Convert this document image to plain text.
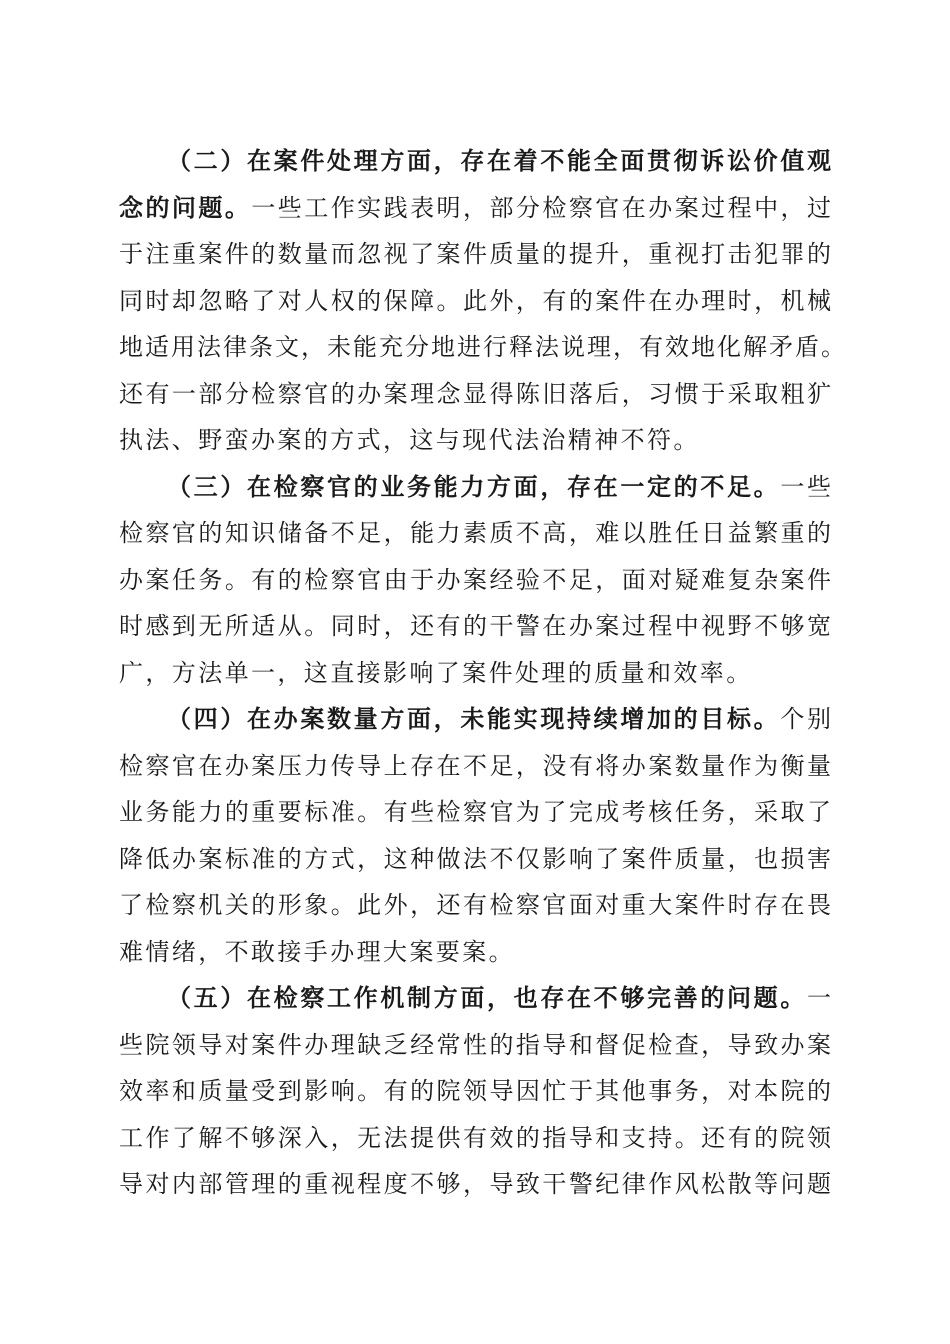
（二）在案件处理方面，存在着不能全面贯彻诉讼价值观
念的问题。一些工作实践表明，部分检察官在办案过程中，过
于注重案件的数量而忽视了案件质量的提升，重视打击犯罪的
同时却忽略了对人权的保障。此外，有的案件在办理时，机械
地适用法律条文，未能充分地进行释法说理，有效地化解矛盾。
还有一部分检察官的办案理念显得陈旧落后，习惯于采取粗犷
执法、野蛮办案的方式，这与现代法治精神不符。
（三）在检察官的业务能力方面，存在一定的不足。一些
检察官的知识储备不足，能力素质不高，难以胜任日益繁重的
办案任务。有的检察官由于办案经验不足，面对疑难复杂案件
时感到无所适从。同时，还有的干警在办案过程中视野不够宽
广，方法单一，这直接影响了案件处理的质量和效率。
（四）在办案数量方面，未能实现持续增加的目标。个别
检察官在办案压力传导上存在不足，没有将办案数量作为衡量
业务能力的重要标准。有些检察官为了完成考核任务，采取了
降低办案标准的方式，这种做法不仅影响了案件质量，也损害
了检察机关的形象。此外，还有检察官面对重大案件时存在畏
难情绪，不敢接手办理大案要案。
（五）在检察工作机制方面，也存在不够完善的问题。一
些院领导对案件办理缺乏经常性的指导和督促检查，导致办案
效率和质量受到影响。有的院领导因忙于其他事务，对本院的
工作了解不够深入，无法提供有效的指导和支持。还有的院领
导对内部管理的重视程度不够，导致干警纪律作风松散等问题
